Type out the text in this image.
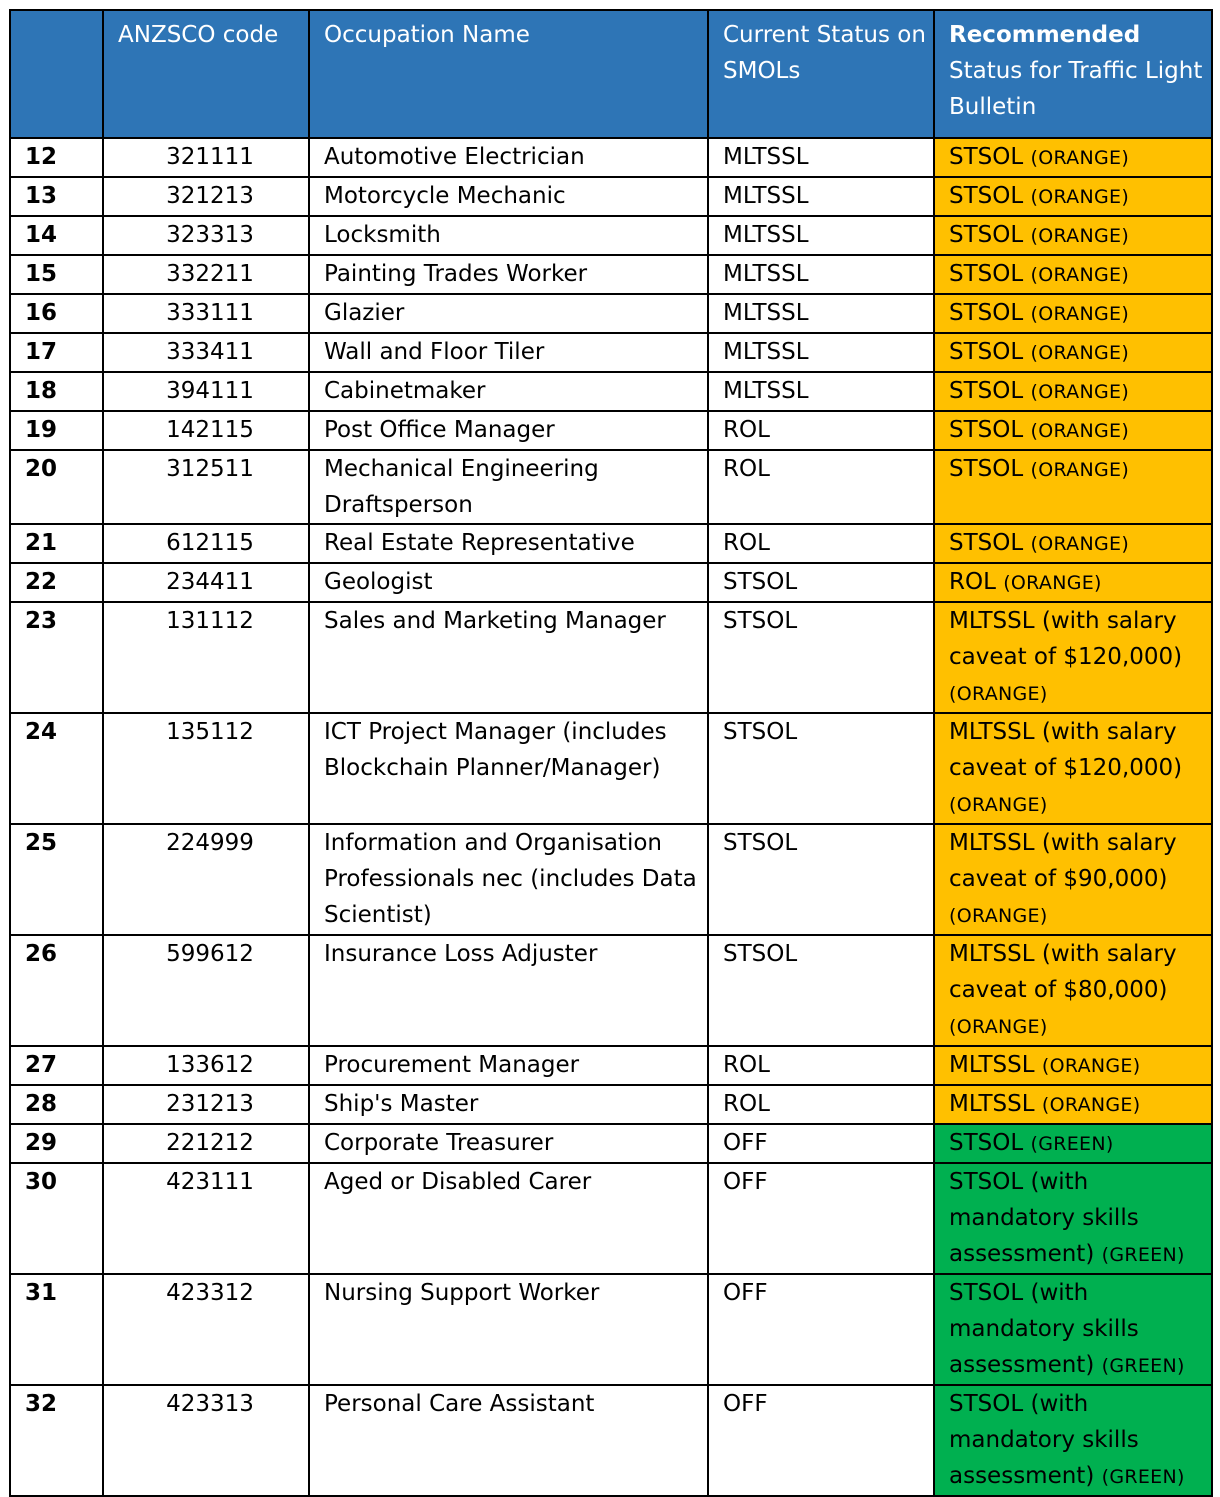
	ANZSCO code	Occupation Name	Current Status on SMOLs	Recommended Status for Traffic Light Bulletin
12	321111	Automotive Electrician	MLTSSL	STSOL (ORANGE)
13	321213	Motorcycle Mechanic	MLTSSL	STSOL (ORANGE)
14	323313	Locksmith	MLTSSL	STSOL (ORANGE)
15	332211	Painting Trades Worker	MLTSSL	STSOL (ORANGE)
16	333111	Glazier	MLTSSL	STSOL (ORANGE)
17	333411	Wall and Floor Tiler	MLTSSL	STSOL (ORANGE)
18	394111	Cabinetmaker	MLTSSL	STSOL (ORANGE)
19	142115	Post Office Manager	ROL	STSOL (ORANGE)
20	312511	Mechanical Engineering Draftsperson	ROL	STSOL (ORANGE)
21	612115	Real Estate Representative	ROL	STSOL (ORANGE)
22	234411	Geologist	STSOL	ROL (ORANGE)
23	131112	Sales and Marketing Manager	STSOL	MLTSSL (with salary caveat of $120,000) (ORANGE)
24	135112	ICT Project Manager (includes Blockchain Planner/Manager)	STSOL	MLTSSL (with salary caveat of $120,000) (ORANGE)
25	224999	Information and Organisation Professionals nec (includes Data Scientist)	STSOL	MLTSSL (with salary caveat of $90,000) (ORANGE)
26	599612	Insurance Loss Adjuster	STSOL	MLTSSL (with salary caveat of $80,000) (ORANGE)
27	133612	Procurement Manager	ROL	MLTSSL (ORANGE)
28	231213	Ship's Master	ROL	MLTSSL (ORANGE)
29	221212	Corporate Treasurer	OFF	STSOL (GREEN)
30	423111	Aged or Disabled Carer	OFF	STSOL (with mandatory skills assessment) (GREEN)
31	423312	Nursing Support Worker	OFF	STSOL (with mandatory skills assessment) (GREEN)
32	423313	Personal Care Assistant	OFF	STSOL (with mandatory skills assessment) (GREEN)
